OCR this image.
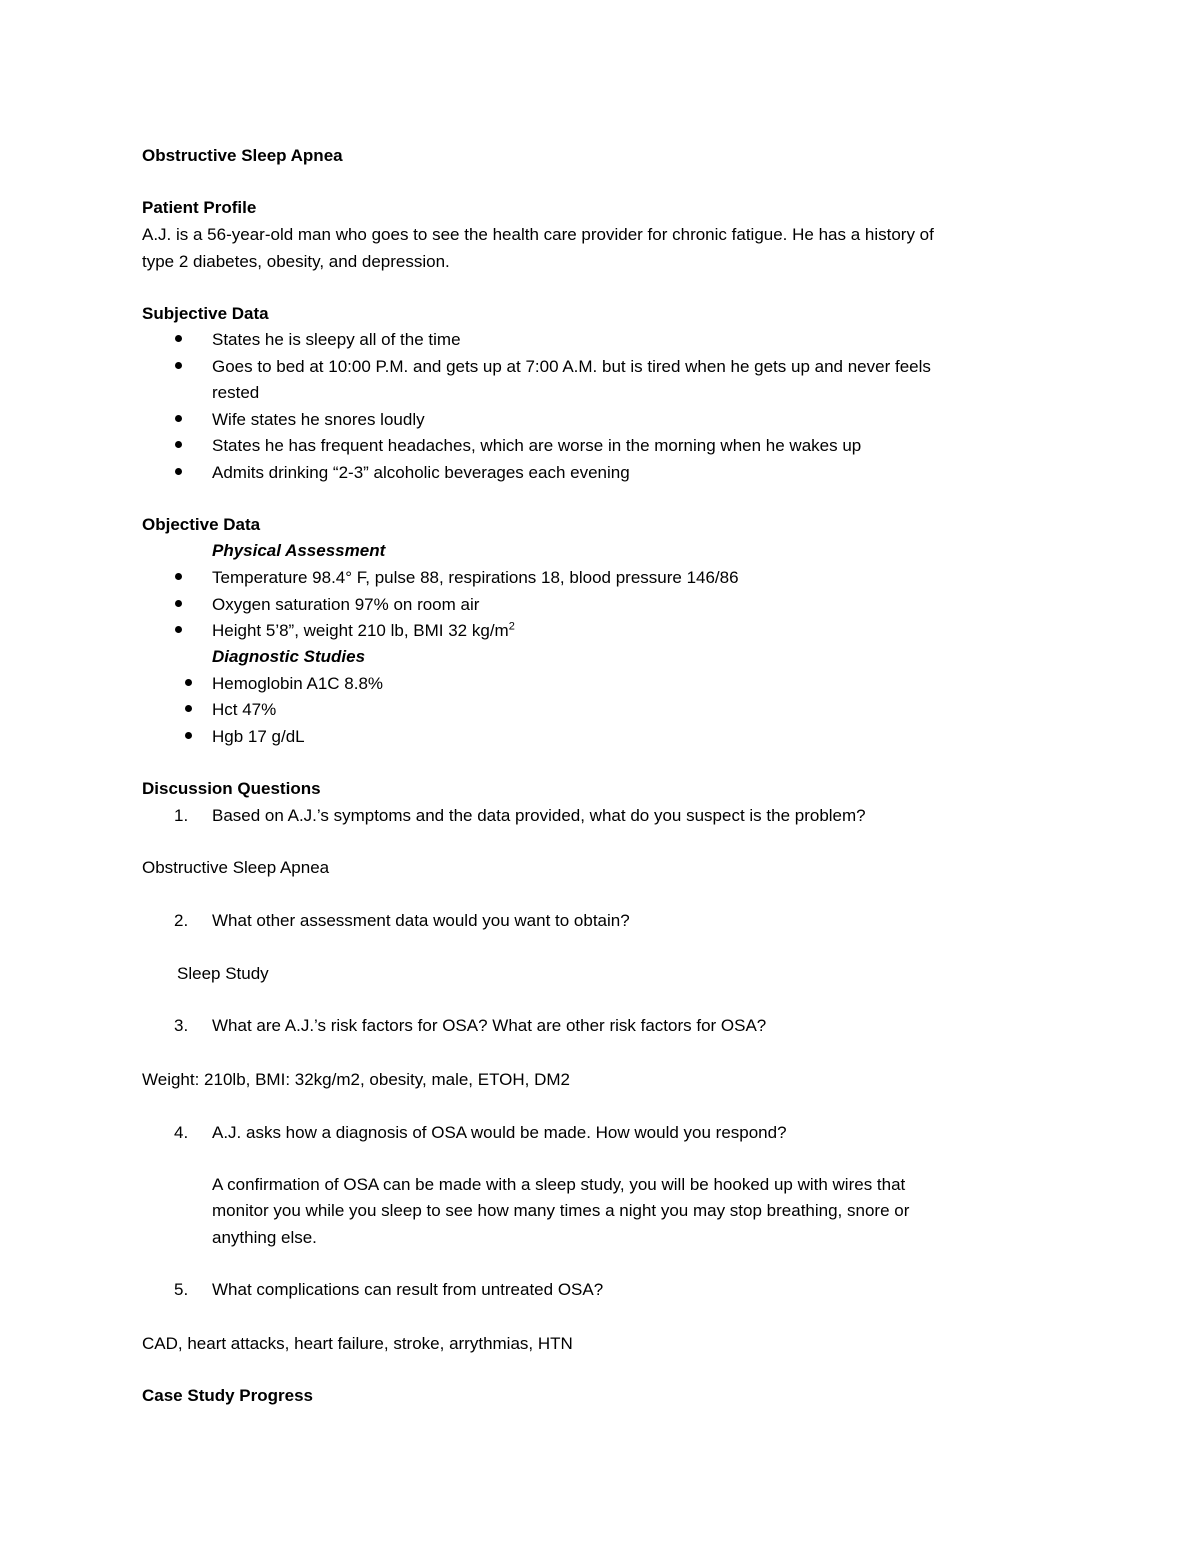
Obstructive Sleep Apnea
Patient Profile
A.J. is a 56-year-old man who goes to see the health care provider for chronic fatigue. He has a history of
type 2 diabetes, obesity, and depression.
Subjective Data
States he is sleepy all of the time
Goes to bed at 10:00 P.M. and gets up at 7:00 A.M. but is tired when he gets up and never feels
rested
Wife states he snores loudly
States he has frequent headaches, which are worse in the morning when he wakes up
Admits drinking “2-3” alcoholic beverages each evening
Objective Data
Physical Assessment
Temperature 98.4° F, pulse 88, respirations 18, blood pressure 146/86
Oxygen saturation 97% on room air
Height 5’8”, weight 210 lb, BMI 32 $kg/m^2$
Diagnostic Studies
Hemoglobin A1C 8.8%
Hct 47%
Hgb 17 g/dL
Discussion Questions
1. Based on A.J.’s symptoms and the data provided, what do you suspect is the problem?
Obstructive Sleep Apnea
2. What other assessment data would you want to obtain?
Sleep Study
3. What are A.J.’s risk factors for OSA? What are other risk factors for OSA?
Weight: 210lb, BMI: 32kg/m2, obesity, male, ETOH, DM2
4. A.J. asks how a diagnosis of OSA would be made. How would you respond?
A confirmation of OSA can be made with a sleep study, you will be hooked up with wires that
monitor you while you sleep to see how many times a night you may stop breathing, snore or
anything else.
5. What complications can result from untreated OSA?
CAD, heart attacks, heart failure, stroke, arrythmias, HTN
Case Study Progress
